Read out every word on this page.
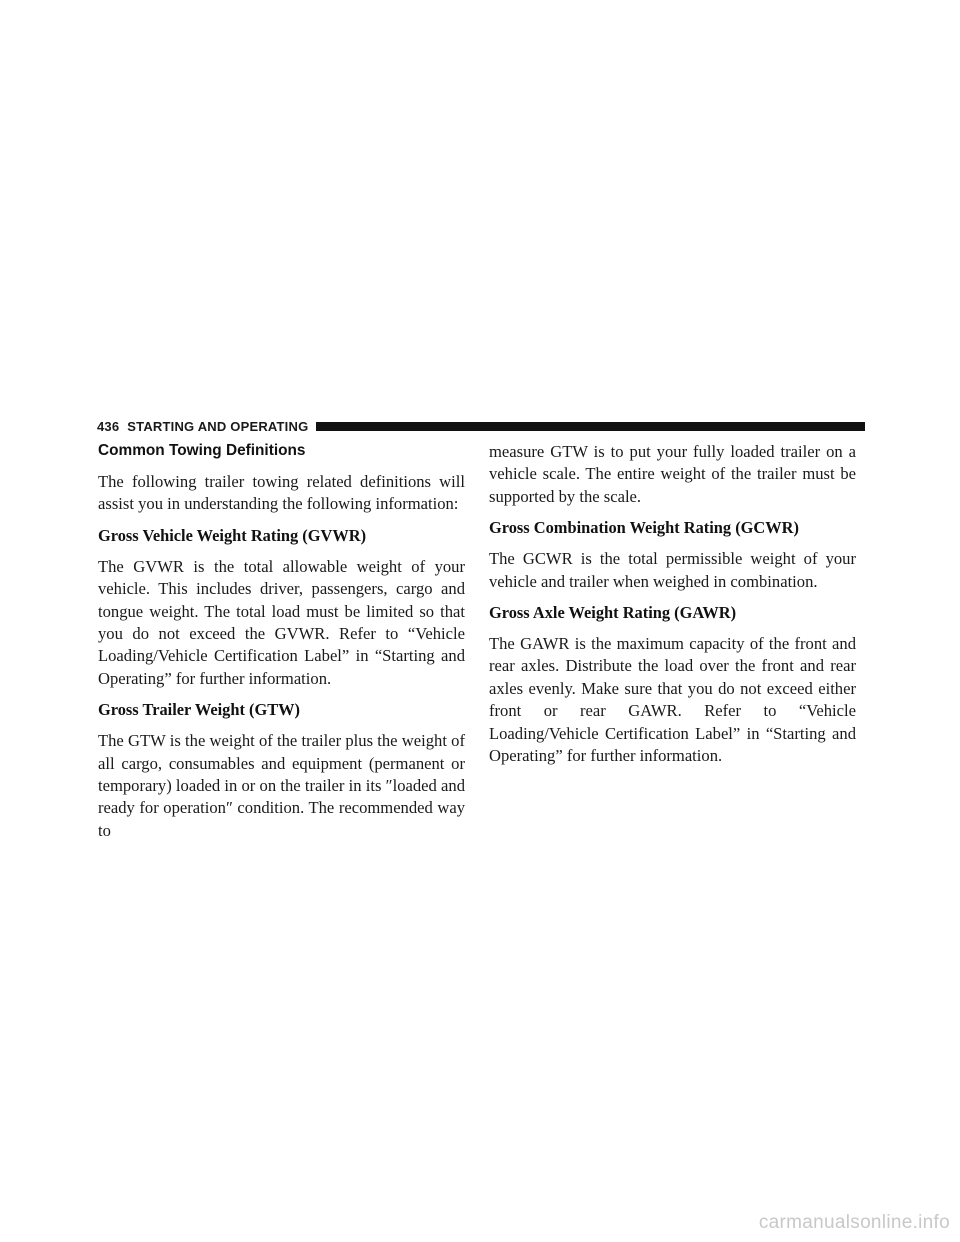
436 STARTING AND OPERATING
Common Towing Definitions

The following trailer towing related definitions will assist you in understanding the following information:

Gross Vehicle Weight Rating (GVWR)

The GVWR is the total allowable weight of your vehicle. This includes driver, passengers, cargo and tongue weight. The total load must be limited so that you do not exceed the GVWR. Refer to “Vehicle Loading/Vehicle Certification Label” in “Starting and Operating” for further information.

Gross Trailer Weight (GTW)

The GTW is the weight of the trailer plus the weight of all cargo, consumables and equipment (permanent or temporary) loaded in or on the trailer in its ″loaded and ready for operation″ condition. The recommended way to

measure GTW is to put your fully loaded trailer on a vehicle scale. The entire weight of the trailer must be supported by the scale.

Gross Combination Weight Rating (GCWR)

The GCWR is the total permissible weight of your vehicle and trailer when weighed in combination.

Gross Axle Weight Rating (GAWR)

The GAWR is the maximum capacity of the front and rear axles. Distribute the load over the front and rear axles evenly. Make sure that you do not exceed either front or rear GAWR. Refer to “Vehicle Loading/Vehicle Certification Label” in “Starting and Operating” for further information.

carmanualsonline.info
